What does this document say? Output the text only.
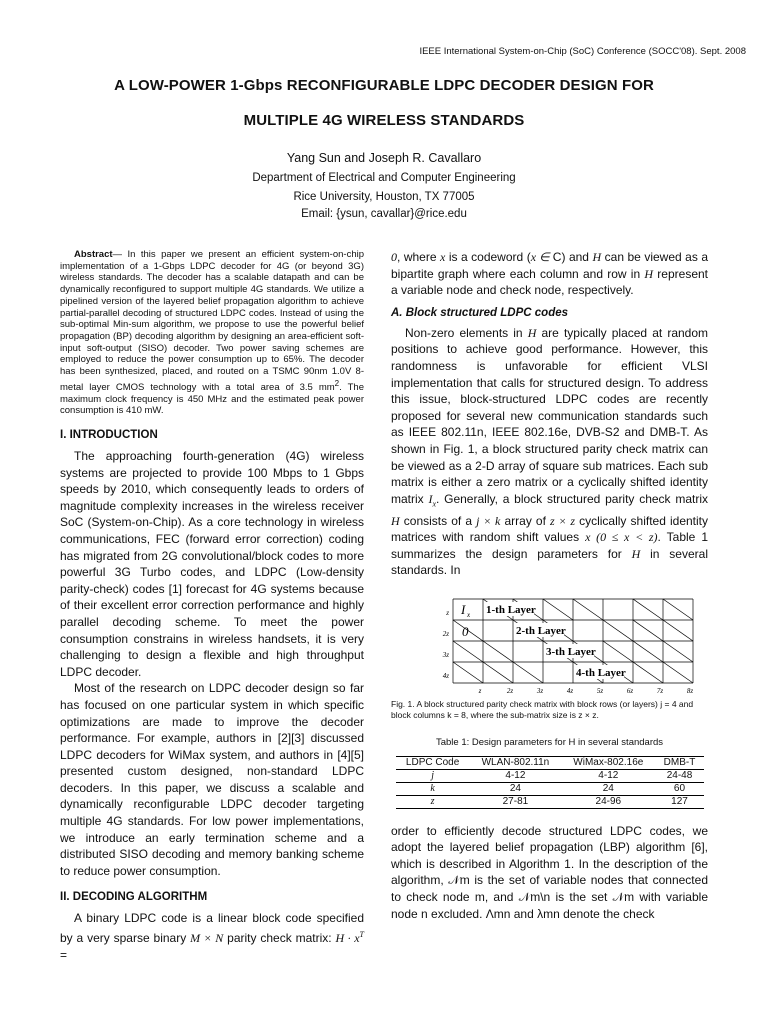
IEEE International System-on-Chip (SoC) Conference (SOCC'08). Sept. 2008
A LOW-POWER 1-Gbps RECONFIGURABLE LDPC DECODER DESIGN FOR
MULTIPLE 4G WIRELESS STANDARDS
Yang Sun and Joseph R. Cavallaro
Department of Electrical and Computer Engineering
Rice University, Houston, TX 77005
Email: {ysun, cavallar}@rice.edu

Abstract— In this paper we present an efficient system-on-chip implementation of a 1-Gbps LDPC decoder for 4G (or beyond 3G) wireless standards. The decoder has a scalable datapath and can be dynamically reconfigured to support multiple 4G standards. We utilize a pipelined version of the layered belief propagation algorithm to achieve partial-parallel decoding of structured LDPC codes. Instead of using the sub-optimal Min-sum algorithm, we propose to use the powerful belief propagation (BP) decoding algorithm by designing an area-efficient soft-input soft-output (SISO) decoder. Two power saving schemes are employed to reduce the power consumption up to 65%. The decoder has been synthesized, placed, and routed on a TSMC 90nm 1.0V 8-metal layer CMOS technology with a total area of 3.5 $mm^2$. The maximum clock frequency is 450 MHz and the estimated peak power consumption is 410 mW.

I. INTRODUCTION

The approaching fourth-generation (4G) wireless systems are projected to provide 100 Mbps to 1 Gbps speeds by 2010, which consequently leads to orders of magnitude complexity increases in the wireless receiver SoC (System-on-Chip). As a core technology in wireless communications, FEC (forward error correction) coding has migrated from 2G convolutional/block codes to more powerful 3G Turbo codes, and LDPC (Low-density parity-check) codes [1] forecast for 4G systems because of their excellent error correction performance and highly parallel decoding scheme. To meet the power consumption constrains in wireless handsets, it is very challenging to design a flexible and high throughput LDPC decoder.

Most of the research on LDPC decoder design so far has focused on one particular system in which specific optimizations are made to improve the decoder performance. For example, authors in [2][3] discussed LDPC decoders for WiMax system, and authors in [4][5] presented custom designed, non-standard LDPC decoders. In this paper, we discuss a scalable and dynamically reconfigurable LDPC decoder targeting multiple 4G standards. For low power implementations, we introduce an early termination scheme and a distributed SISO decoding and memory banking scheme to reduce power consumption.

II. DECODING ALGORITHM

A binary LDPC code is a linear block code specified by a very sparse binary M × N parity check matrix: $H \cdot x^T$ =

0, where x is a codeword (x ∈ C) and H can be viewed as a bipartite graph where each column and row in H represent a variable node and check node, respectively.

A. Block structured LDPC codes

Non-zero elements in H are typically placed at random positions to achieve good performance. However, this randomness is unfavorable for efficient VLSI implementation that calls for structured design. To address this issue, block-structured LDPC codes are recently proposed for several new communication standards such as IEEE 802.11n, IEEE 802.16e, DVB-S2 and DMB-T. As shown in Fig. 1, a block structured parity check matrix can be viewed as a 2-D array of square sub matrices. Each sub matrix is either a zero matrix or a cyclically shifted identity matrix $I_x$. Generally, a block structured parity check matrix H consists of a j × k array of z × z cyclically shifted identity matrices with random shift values x (0 ≤ x < z). Table 1 summarizes the design parameters for H in several standards. In

1-th Layer
2-th Layer
3-th Layer
4-th Layer
I x
0
z
2z
3z
4z
z	2z	3z	4z	5z	6z	7z	8z

Fig. 1. A block structured parity check matrix with block rows (or layers) j = 4 and block columns k = 8, where the sub-matrix size is z × z.

Table 1: Design parameters for H in several standards

LDPC Code	WLAN-802.11n	WiMax-802.16e	DMB-T
j	4-12	4-12	24-48
k	24	24	60
z	27-81	24-96	127

order to efficiently decode structured LDPC codes, we adopt the layered belief propagation (LBP) algorithm [6], which is described in Algorithm 1. In the description of the algorithm, 𝒩m is the set of variable nodes that connected to check node m, and 𝒩m\n is the set 𝒩m with variable node n excluded. Λmn and λmn denote the check
